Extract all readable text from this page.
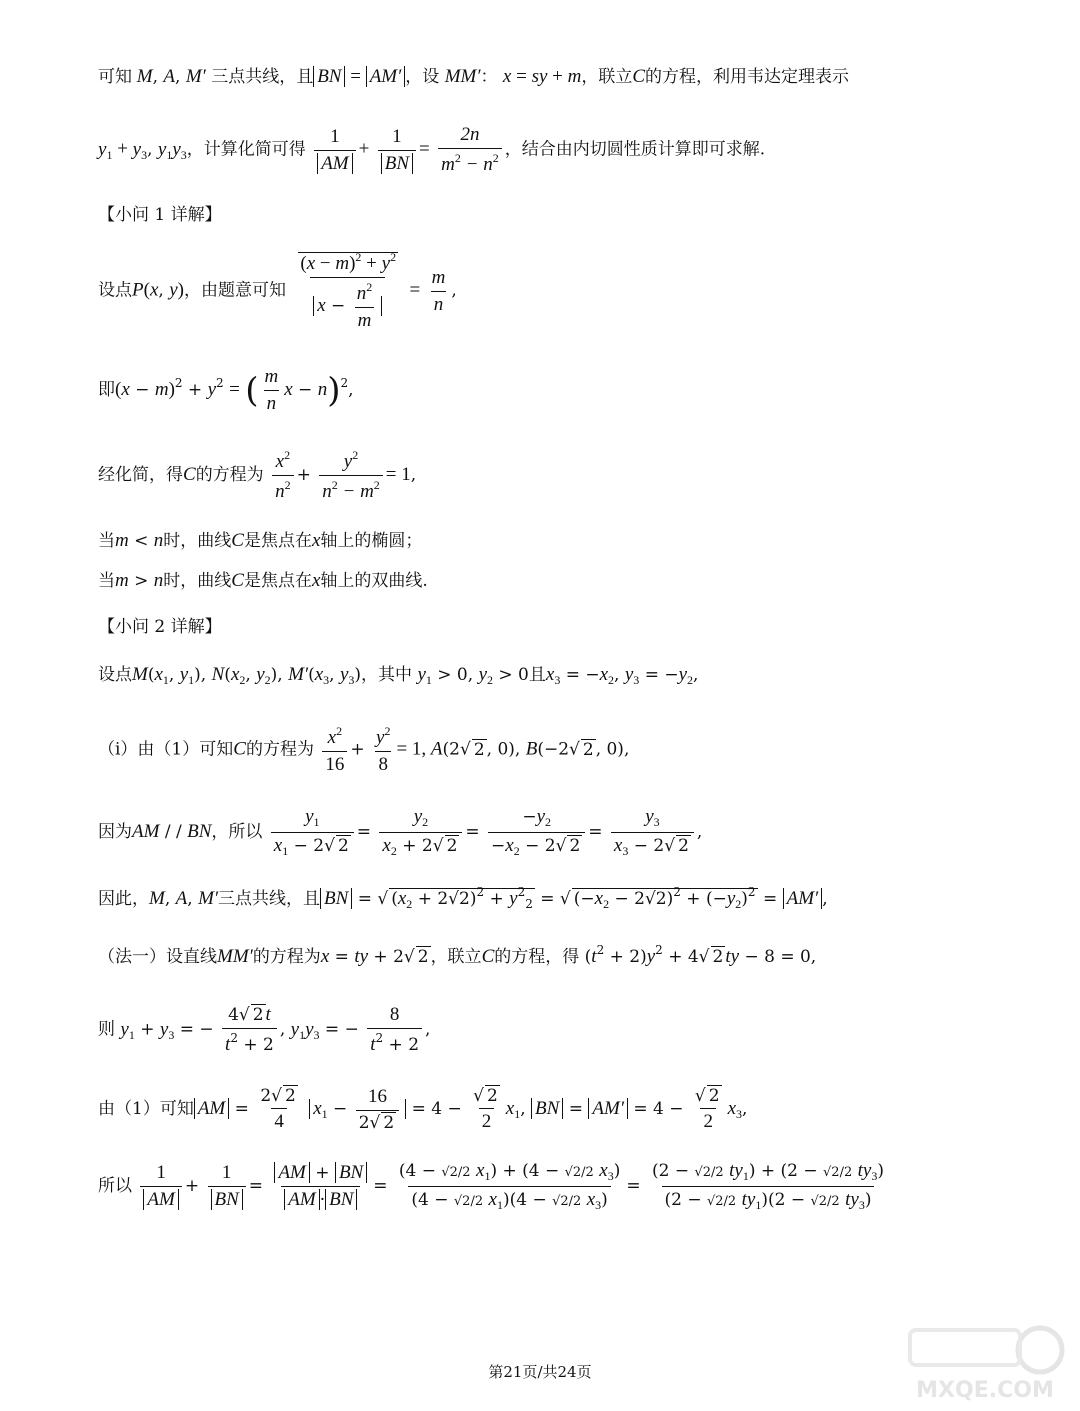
可知 M, A, M′ 三点共线，且 BN = AM′ ，设 MM′： x = sy + m，联立C的方程，利用韦达定理表示
$y_1 + y_3$, $y_1y_3$，计算化简可得 $\frac{1}{AM} + \frac{1}{BN} = \frac{2n}{m^2 - n^2}$ ，结合由内切圆性质计算即可求解.
【小问 1 详解】
设点P(x, y)，由题意可知 $\frac{(x - m)^2 + y^2}{x - \frac{n^2}{m}} = \frac{m}{n}$ ,
即$(x - m)^2 + y^2$ = ( $\frac{m}{n}$ x − n)$^2$,
经化简，得C的方程为 $\frac{x^2}{n^2} + \frac{y^2}{n^2 - m^2} = 1$,
当m < n时，曲线C是焦点在x轴上的椭圆；
当m > n时，曲线C是焦点在x轴上的双曲线.
【小问 2 详解】
设点$M(x_1$, $y_1$), $N(x_2$, $y_2$), $M'(x_3$, $y_3$)，其中 $y_1 > 0$, $y_2 > 0$且$x_3 = -x_2$, $y_3 = -y_2$,
（i）由（1）可知C的方程为 $\frac{x^2}{16} + \frac{y^2}{8} = 1$, A(2√ 2 , 0), B(−2√ 2 , 0),
因为AM / / BN，所以 $\frac{y_1}{x_1 - 2√ 2} = \frac{y_2}{x_2 + 2√ 2} = \frac{-y_2}{-x_2 - 2√ 2} = \frac{y_3}{x_3 - 2√ 2}$ ,
因此，M, A, M′三点共线，且 BN = √ $(x_2 + 2√2)^2 + y^2_2$ = √ $(-x_2 - 2√2)^2 + (-y_2)^2 = AM'$ ,
（法一）设直线MM′的方程为x = ty + 2√ 2 ，联立C的方程，得 $(t^2 + 2)y^2 + 4√$ 2 ty − 8 = 0,
则 $y_1 + y_3$ = − $\frac{4√ 2 t}{t^2 + 2}$ , $y_1y_3$ = − $\frac{8}{t^2 + 2}$ ,
由（1）可知 AM = $\frac{2√ 2}{4} x_1 - \frac{16}{2√ 2} = 4 - \frac{√ 2}{2} x_1$, BN = $AM' = 4 - \frac{√ 2}{2} x_3$,
所以 $\frac{1}{AM} + \frac{1}{BN} = \frac{AM + BN}{AM \cdot BN} = \frac{(4 - √2/2 x_1) + (4 - √2/2 x_3)}{(4 - √2/2 x_1)(4 - √2/2 x_3)} = \frac{(2 - √2/2 ty_1) + (2 - √2/2 ty_3)}{(2 - √2/2 ty_1)(2 - √2/2 ty_3)}$
第21页/共24页
MXQE.COM
